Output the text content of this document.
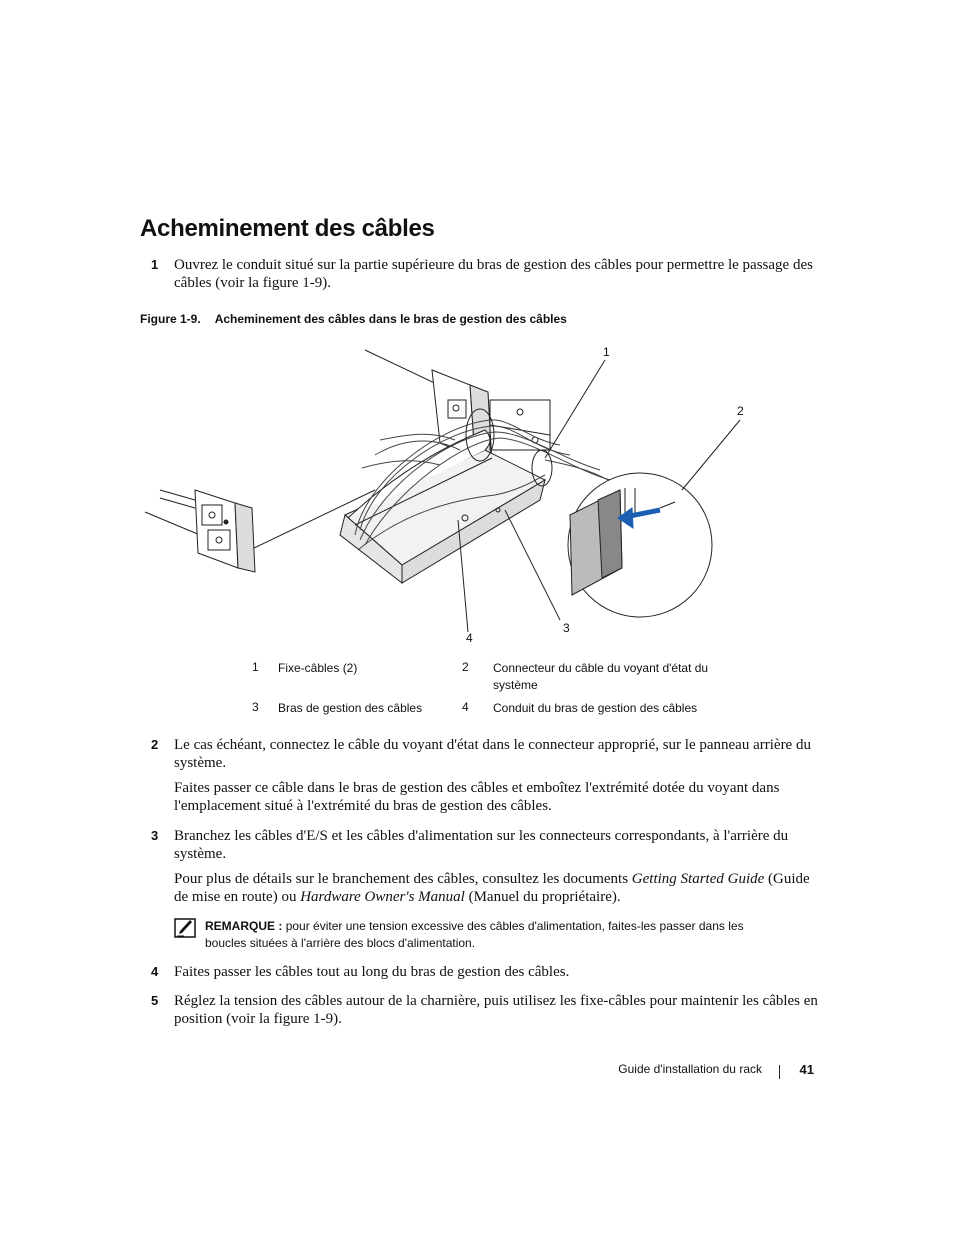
Acheminement des câbles
1 Ouvrez le conduit situé sur la partie supérieure du bras de gestion des câbles pour permettre le passage des câbles (voir la figure 1-9).
Figure 1-9. Acheminement des câbles dans le bras de gestion des câbles
1
2
3
4
1 Fixe-câbles (2)	2 Connecteur du câble du voyant d'état du système
3 Bras de gestion des câbles	4 Conduit du bras de gestion des câbles
2 Le cas échéant, connectez le câble du voyant d'état dans le connecteur approprié, sur le panneau arrière du système.
Faites passer ce câble dans le bras de gestion des câbles et emboîtez l'extrémité dotée du voyant dans l'emplacement situé à l'extrémité du bras de gestion des câbles.
3 Branchez les câbles d'E/S et les câbles d'alimentation sur les connecteurs correspondants, à l'arrière du système.
Pour plus de détails sur le branchement des câbles, consultez les documents Getting Started Guide (Guide de mise en route) ou Hardware Owner's Manual (Manuel du propriétaire).
REMARQUE : pour éviter une tension excessive des câbles d'alimentation, faites-les passer dans les boucles situées à l'arrière des blocs d'alimentation.
4 Faites passer les câbles tout au long du bras de gestion des câbles.
5 Réglez la tension des câbles autour de la charnière, puis utilisez les fixe-câbles pour maintenir les câbles en position (voir la figure 1-9).
Guide d'installation du rack	41
